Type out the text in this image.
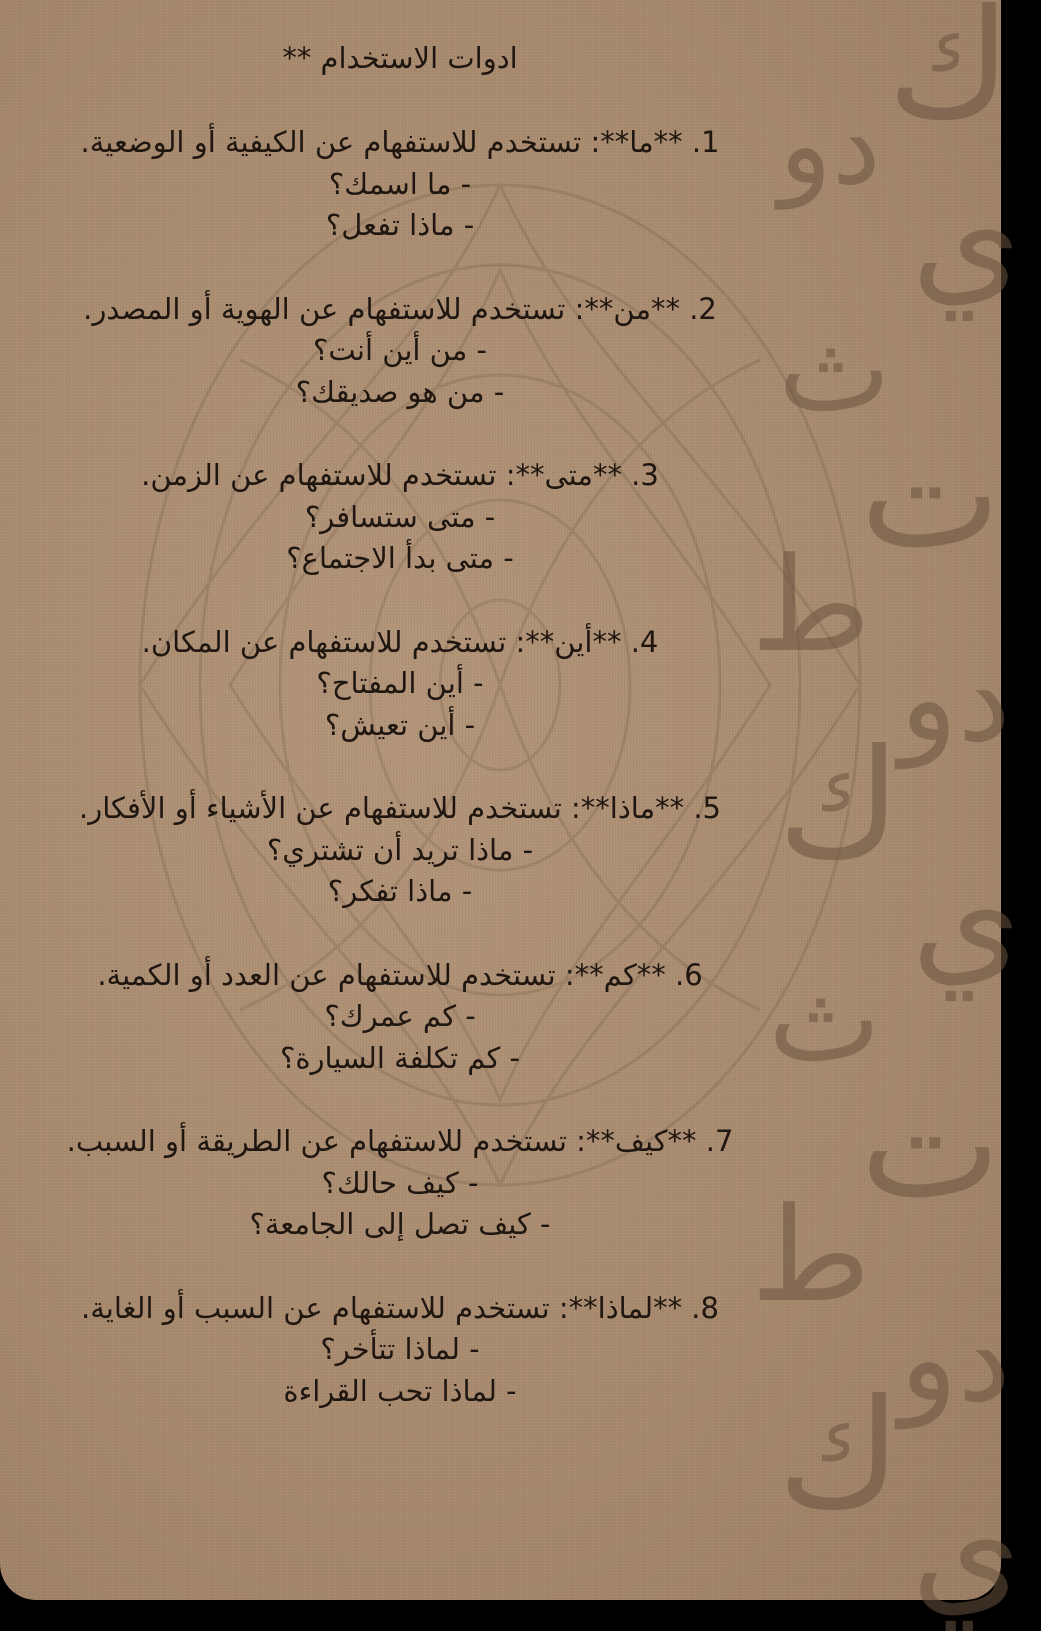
ك
دو
ي
ث
ت
ط
دو
ك
ي
ث
ت
ط
دو
ك
ي
ادوات الاستخدام **
1. **ما**: تستخدم للاستفهام عن الكيفية أو الوضعية.
- ما اسمك؟
- ماذا تفعل؟
2. **من**: تستخدم للاستفهام عن الهوية أو المصدر.
- من أين أنت؟
- من هو صديقك؟
3. **متى**: تستخدم للاستفهام عن الزمن.
- متى ستسافر؟
- متى بدأ الاجتماع؟
4. **أين**: تستخدم للاستفهام عن المكان.
- أين المفتاح؟
- أين تعيش؟
5. **ماذا**: تستخدم للاستفهام عن الأشياء أو الأفكار.
- ماذا تريد أن تشتري؟
- ماذا تفكر؟
6. **كم**: تستخدم للاستفهام عن العدد أو الكمية.
- كم عمرك؟
- كم تكلفة السيارة؟
7. **كيف**: تستخدم للاستفهام عن الطريقة أو السبب.
- كيف حالك؟
- كيف تصل إلى الجامعة؟
8. **لماذا**: تستخدم للاستفهام عن السبب أو الغاية.
- لماذا تتأخر؟
- لماذا تحب القراءة
